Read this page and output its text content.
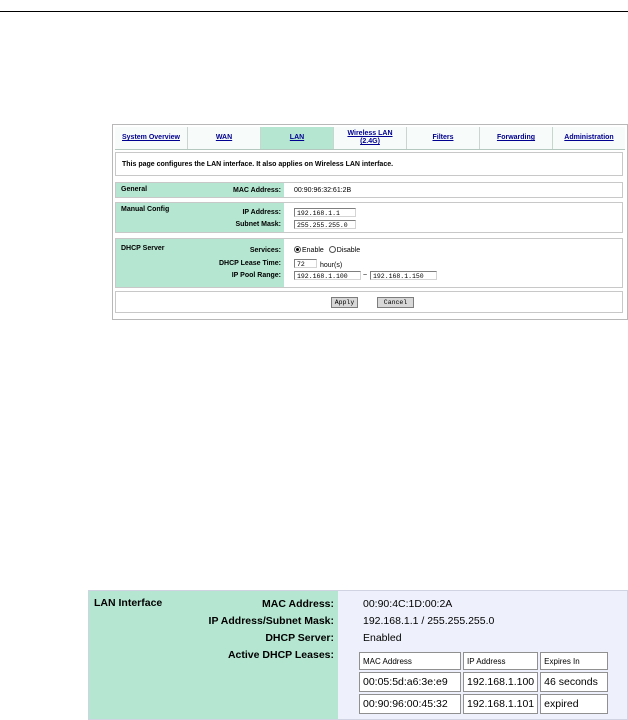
System Overview	WAN	LAN
Wireless LAN
(2.4G)
Filters	Forwarding	Administration
This page configures the LAN interface. It also applies on Wireless LAN interface.
General	MAC Address: 00:90:96:32:61:2B
Manual Config	IP Address:	192.168.1.1
Subnet Mask:	255.255.255.0
DHCP Server	Services:	Enable Disable
DHCP Lease Time:	72	hour(s)
IP Pool Range:	192.168.1.100	~ 192.168.1.150
Apply	Cancel
LAN Interface	MAC Address:	00:90:4C:1D:00:2A
IP Address/Subnet Mask:	192.168.1.1 / 255.255.255.0
DHCP Server:	Enabled
Active DHCP Leases:	MAC Address	IP Address	Expires In
00:05:5d:a6:3e:e9	192.168.1.100	46 seconds
00:90:96:00:45:32	192.168.1.101	expired
